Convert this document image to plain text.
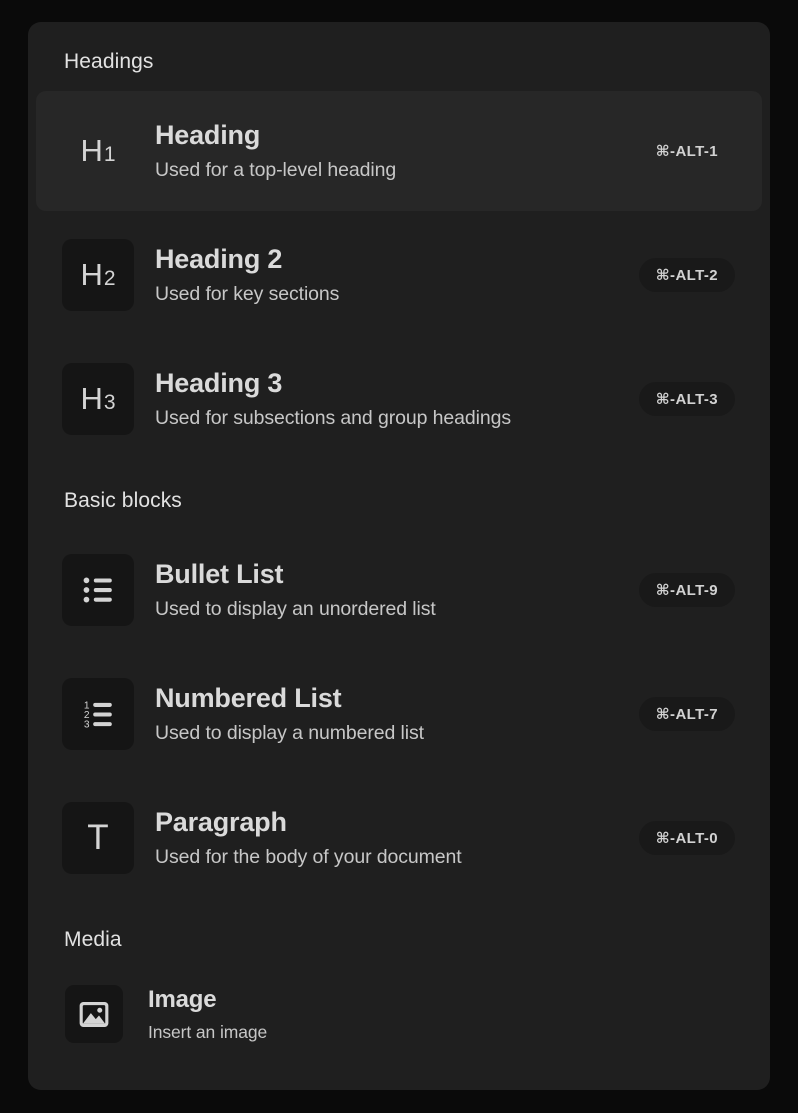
Headings
H 1
Heading
Used for a top-level heading
⌘-ALT-1
H 2
Heading 2
Used for key sections
⌘-ALT-2
H 3
Heading 3
Used for subsections and group headings
⌘-ALT-3
Basic blocks
Bullet List
Used to display an unordered list
⌘-ALT-9
1
2
3
Numbered List
Used to display a numbered list
⌘-ALT-7
T Paragraph
Used for the body of your document
⌘-ALT-0
Media
Image
Insert an image
